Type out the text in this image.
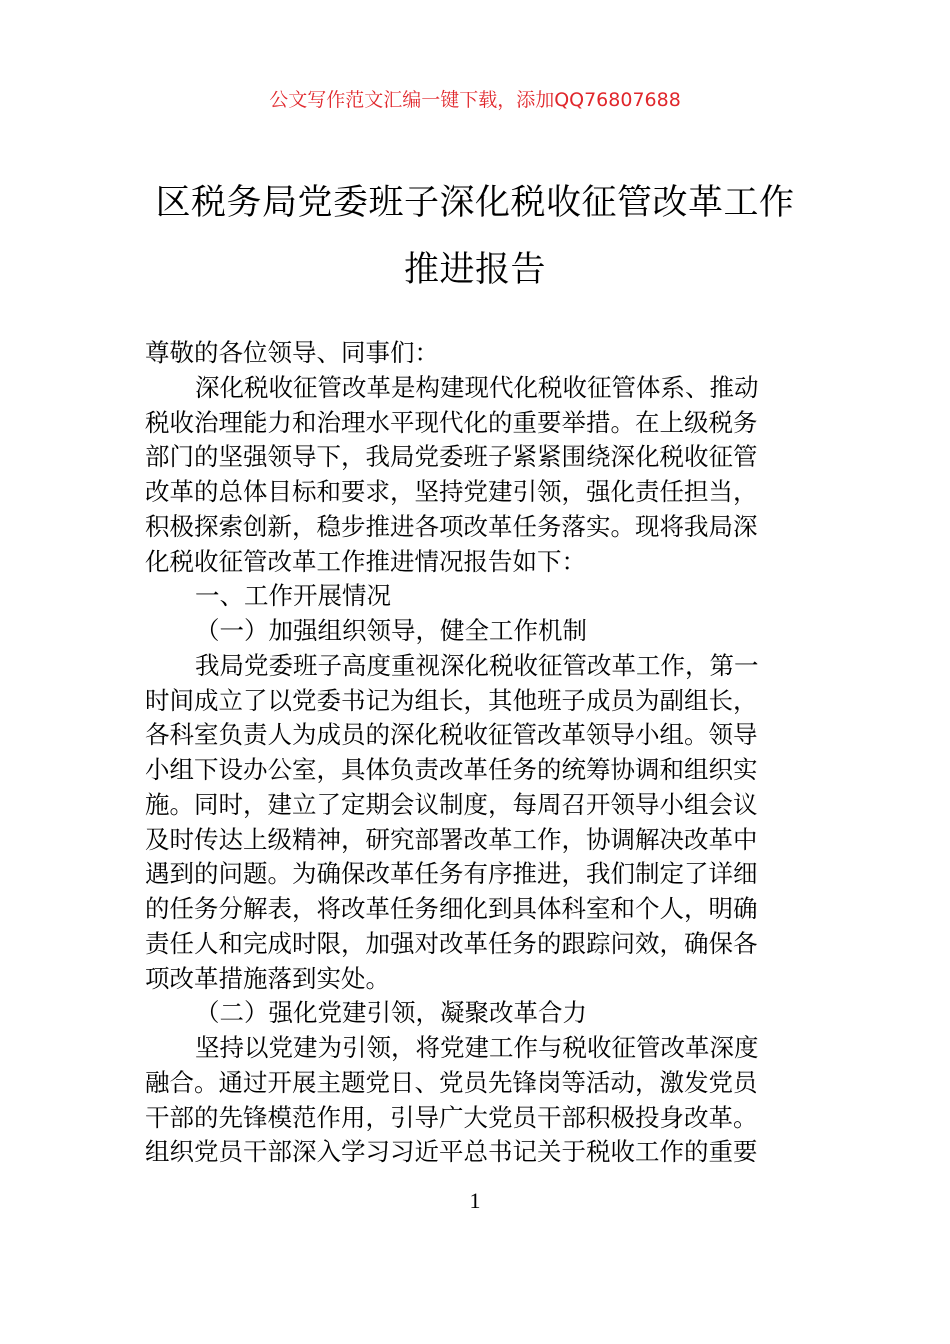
公文写作范文汇编一键下载，添加QQ76807688
区税务局党委班子深化税收征管改革工作
推进报告
尊敬的各位领导、同事们：
深化税收征管改革是构建现代化税收征管体系、推动
税收治理能力和治理水平现代化的重要举措。在上级税务
部门的坚强领导下，我局党委班子紧紧围绕深化税收征管
改革的总体目标和要求，坚持党建引领，强化责任担当，
积极探索创新，稳步推进各项改革任务落实。现将我局深
化税收征管改革工作推进情况报告如下：
一、工作开展情况
（一）加强组织领导，健全工作机制
我局党委班子高度重视深化税收征管改革工作，第一
时间成立了以党委书记为组长，其他班子成员为副组长，
各科室负责人为成员的深化税收征管改革领导小组。领导
小组下设办公室，具体负责改革任务的统筹协调和组织实
施。同时，建立了定期会议制度，每周召开领导小组会议
及时传达上级精神，研究部署改革工作，协调解决改革中
遇到的问题。为确保改革任务有序推进，我们制定了详细
的任务分解表，将改革任务细化到具体科室和个人，明确
责任人和完成时限，加强对改革任务的跟踪问效，确保各
项改革措施落到实处。
（二）强化党建引领，凝聚改革合力
坚持以党建为引领，将党建工作与税收征管改革深度
融合。通过开展主题党日、党员先锋岗等活动，激发党员
干部的先锋模范作用，引导广大党员干部积极投身改革。
组织党员干部深入学习习近平总书记关于税收工作的重要
1
